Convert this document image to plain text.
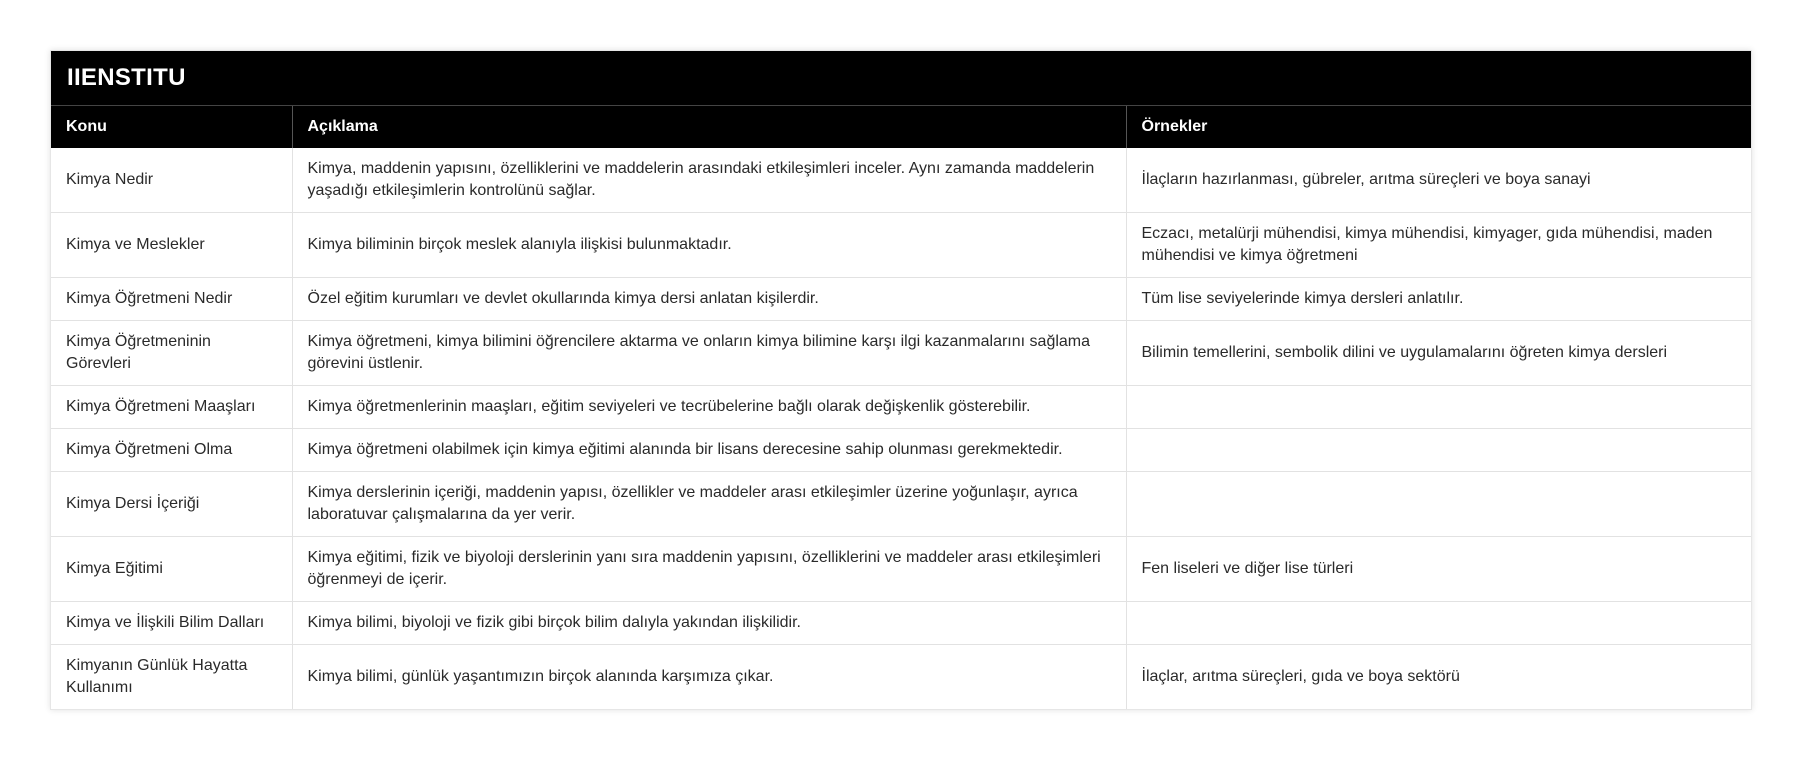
IIENSTITU
Konu	Açıklama	Örnekler
Kimya Nedir	Kimya, maddenin yapısını, özelliklerini ve maddelerin arasındaki etkileşimleri inceler. Aynı zamanda maddelerin yaşadığı etkileşimlerin kontrolünü sağlar.	İlaçların hazırlanması, gübreler, arıtma süreçleri ve boya sanayi
Kimya ve Meslekler	Kimya biliminin birçok meslek alanıyla ilişkisi bulunmaktadır.	Eczacı, metalürji mühendisi, kimya mühendisi, kimyager, gıda mühendisi, maden mühendisi ve kimya öğretmeni
Kimya Öğretmeni Nedir	Özel eğitim kurumları ve devlet okullarında kimya dersi anlatan kişilerdir.	Tüm lise seviyelerinde kimya dersleri anlatılır.
Kimya Öğretmeninin Görevleri	Kimya öğretmeni, kimya bilimini öğrencilere aktarma ve onların kimya bilimine karşı ilgi kazanmalarını sağlama görevini üstlenir.	Bilimin temellerini, sembolik dilini ve uygulamalarını öğreten kimya dersleri
Kimya Öğretmeni Maaşları	Kimya öğretmenlerinin maaşları, eğitim seviyeleri ve tecrübelerine bağlı olarak değişkenlik gösterebilir.	
Kimya Öğretmeni Olma	Kimya öğretmeni olabilmek için kimya eğitimi alanında bir lisans derecesine sahip olunması gerekmektedir.	
Kimya Dersi İçeriği	Kimya derslerinin içeriği, maddenin yapısı, özellikler ve maddeler arası etkileşimler üzerine yoğunlaşır, ayrıca laboratuvar çalışmalarına da yer verir.	
Kimya Eğitimi	Kimya eğitimi, fizik ve biyoloji derslerinin yanı sıra maddenin yapısını, özelliklerini ve maddeler arası etkileşimleri öğrenmeyi de içerir.	Fen liseleri ve diğer lise türleri
Kimya ve İlişkili Bilim Dalları	Kimya bilimi, biyoloji ve fizik gibi birçok bilim dalıyla yakından ilişkilidir.	
Kimyanın Günlük Hayatta Kullanımı	Kimya bilimi, günlük yaşantımızın birçok alanında karşımıza çıkar.	İlaçlar, arıtma süreçleri, gıda ve boya sektörü
